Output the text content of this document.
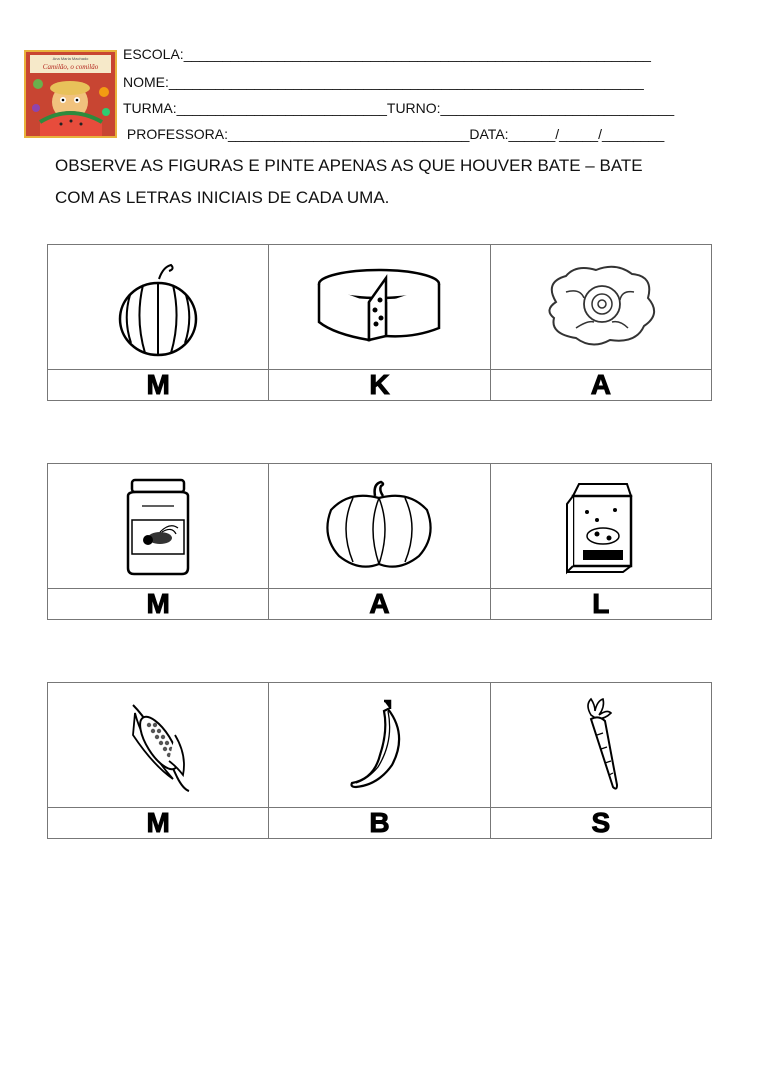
Ana Maria Machado
Camilão, o comilão
ESCOLA:____________________________________________________________
NOME:_____________________________________________________________
TURMA:___________________________TURNO:______________________________
PROFESSORA:_______________________________DATA:______/_____/________

OBSERVE AS FIGURAS E PINTE APENAS AS QUE HOUVER BATE – BATE
COM AS LETRAS INICIAIS DE CADA UMA.

M	K	A

M	A	L

M	B	S
